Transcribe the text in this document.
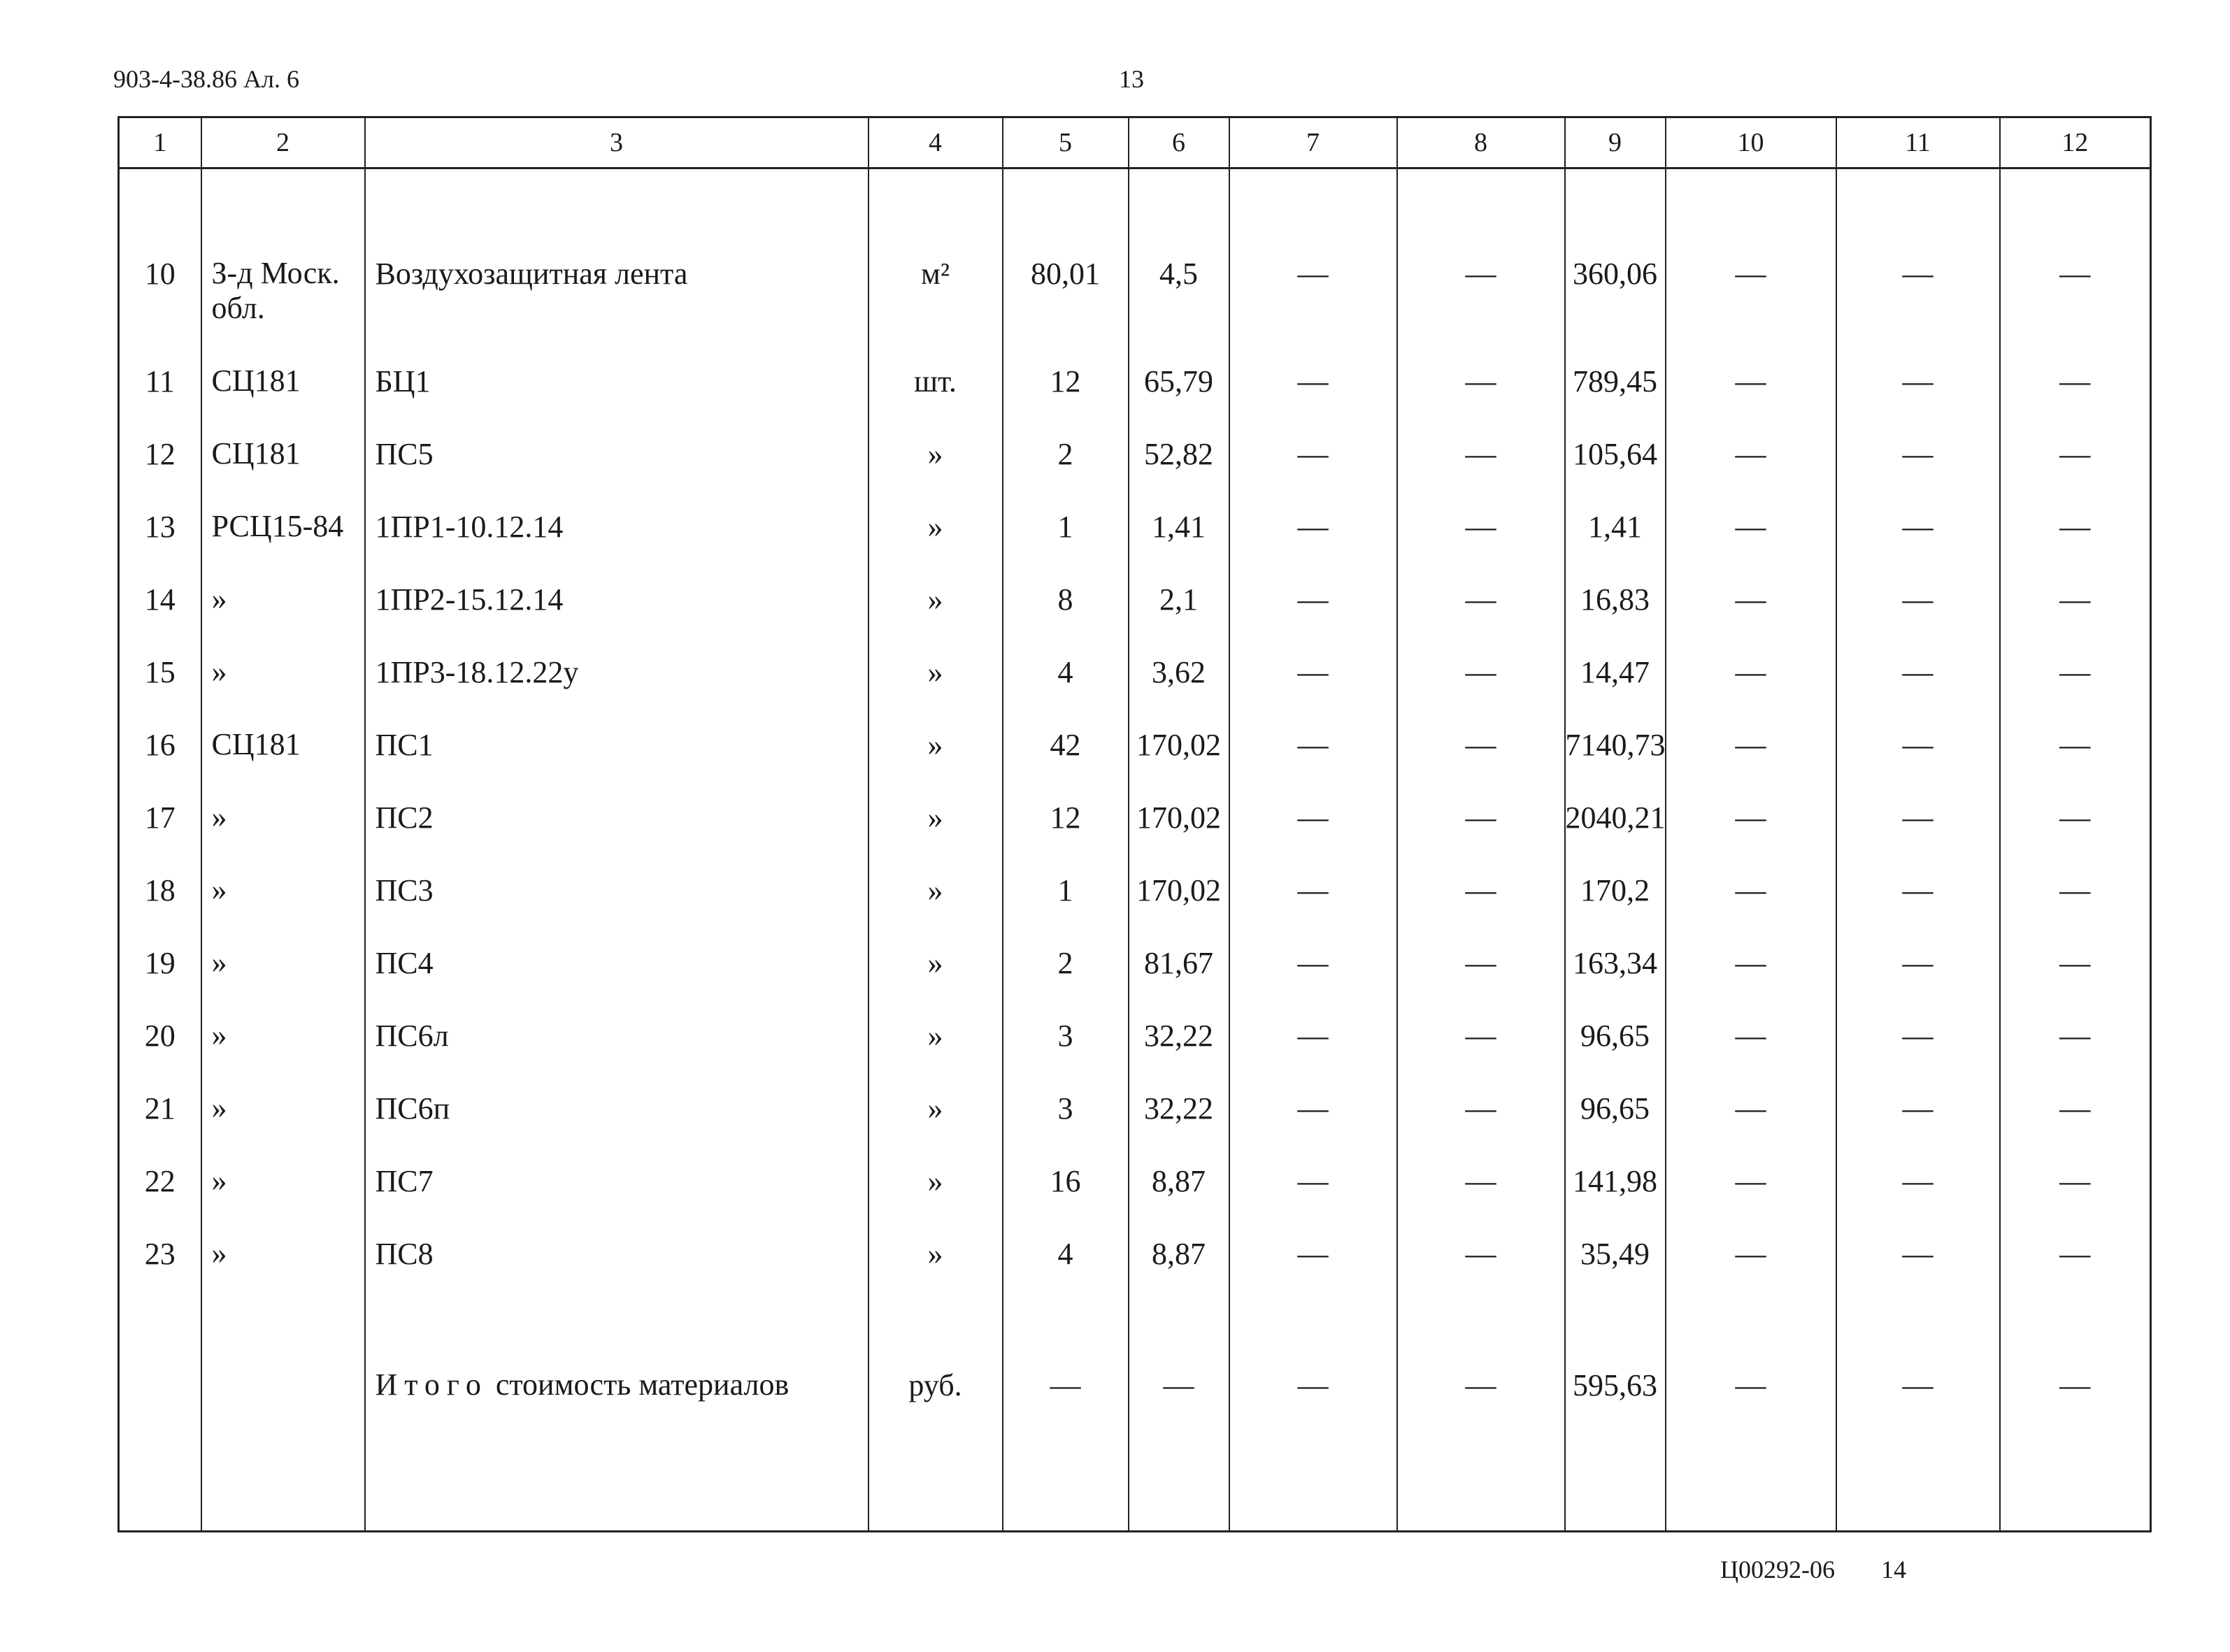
903-4-38.86 Ал. 6	13
1	2	3	4	5	6	7	8	9	10	11	12
10	З-д Моск. обл.	Воздухозащитная лента	м²	80,01	4,5	—	—	360,06	—	—	—
11	СЦ181	БЦ1	шт.	12	65,79	—	—	789,45	—	—	—
12	СЦ181	ПС5	»	2	52,82	—	—	105,64	—	—	—
13	РСЦ15-84	1ПР1-10.12.14	»	1	1,41	—	—	1,41	—	—	—
14	»	1ПР2-15.12.14	»	8	2,1	—	—	16,83	—	—	—
15	»	1ПР3-18.12.22у	»	4	3,62	—	—	14,47	—	—	—
16	СЦ181	ПС1	»	42	170,02	—	—	7140,73	—	—	—
17	»	ПС2	»	12	170,02	—	—	2040,21	—	—	—
18	»	ПС3	»	1	170,02	—	—	170,2	—	—	—
19	»	ПС4	»	2	81,67	—	—	163,34	—	—	—
20	»	ПС6л	»	3	32,22	—	—	96,65	—	—	—
21	»	ПС6п	»	3	32,22	—	—	96,65	—	—	—
22	»	ПС7	»	16	8,87	—	—	141,98	—	—	—
23	»	ПС8	»	4	8,87	—	—	35,49	—	—	—
		Итого стоимость материалов	руб.	—	—	—	—	595,63	—	—	—

Ц00292-06 14
